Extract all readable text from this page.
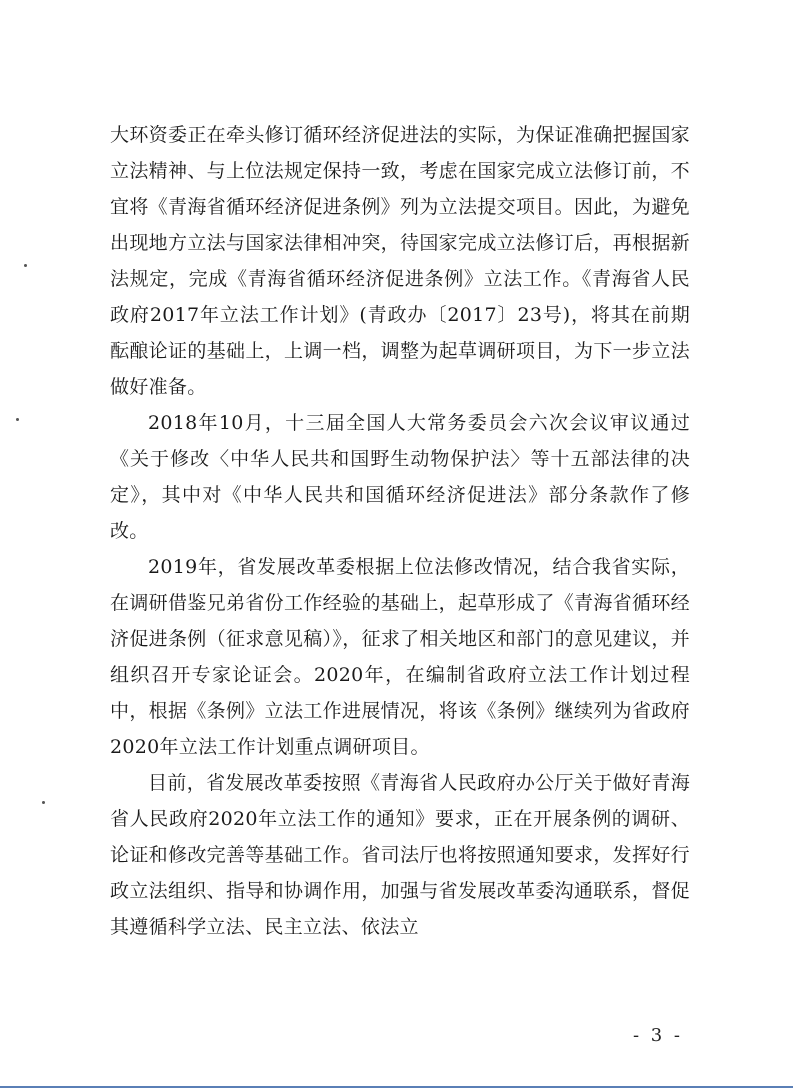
大环资委正在牵头修订循环经济促进法的实际，为保证准确把握国家立法精神、与上位法规定保持一致，考虑在国家完成立法修订前，不宜将《青海省循环经济促进条例》列为立法提交项目。因此，为避免出现地方立法与国家法律相冲突，待国家完成立法修订后，再根据新法规定，完成《青海省循环经济促进条例》立法工作。《青海省人民政府2017年立法工作计划》(青政办〔2017〕23号)，将其在前期酝酿论证的基础上，上调一档，调整为起草调研项目，为下一步立法做好准备。

2018年10月，十三届全国人大常务委员会六次会议审议通过《关于修改〈中华人民共和国野生动物保护法〉等十五部法律的决定》，其中对《中华人民共和国循环经济促进法》部分条款作了修改。

2019年，省发展改革委根据上位法修改情况，结合我省实际，在调研借鉴兄弟省份工作经验的基础上，起草形成了《青海省循环经济促进条例（征求意见稿）》，征求了相关地区和部门的意见建议，并组织召开专家论证会。2020年，在编制省政府立法工作计划过程中，根据《条例》立法工作进展情况，将该《条例》继续列为省政府2020年立法工作计划重点调研项目。

目前，省发展改革委按照《青海省人民政府办公厅关于做好青海省人民政府2020年立法工作的通知》要求，正在开展条例的调研、论证和修改完善等基础工作。省司法厅也将按照通知要求，发挥好行政立法组织、指导和协调作用，加强与省发展改革委沟通联系，督促其遵循科学立法、民主立法、依法立

- 3 -
